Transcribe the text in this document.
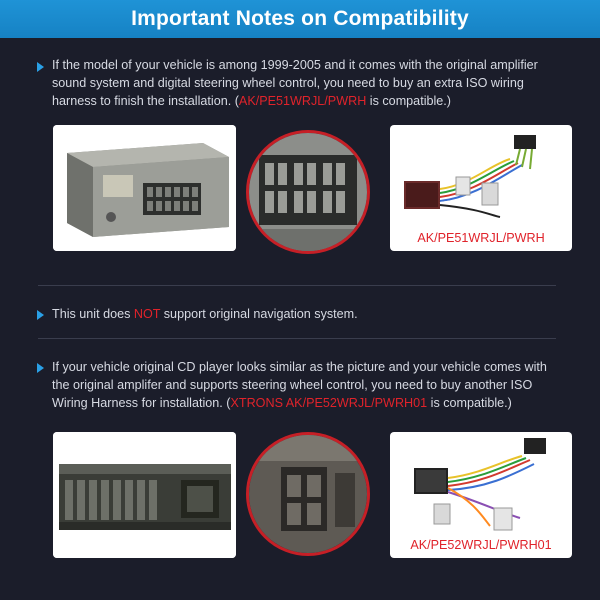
Important Notes on Compatibility

If the model of your vehicle is among 1999-2005 and it comes with the original amplifier sound system and digital steering wheel control, you need to buy an extra ISO wiring harness to finish the installation. (AK/PE51WRJL/PWRH is compatible.)

AK/PE51WRJL/PWRH

This unit does NOT support original navigation system.

If your vehicle original CD player looks similar as the picture and your vehicle comes with the original amplifer and supports steering wheel control, you need to buy another ISO Wiring Harness for installation. (XTRONS AK/PE52WRJL/PWRH01 is compatible.)

AK/PE52WRJL/PWRH01
